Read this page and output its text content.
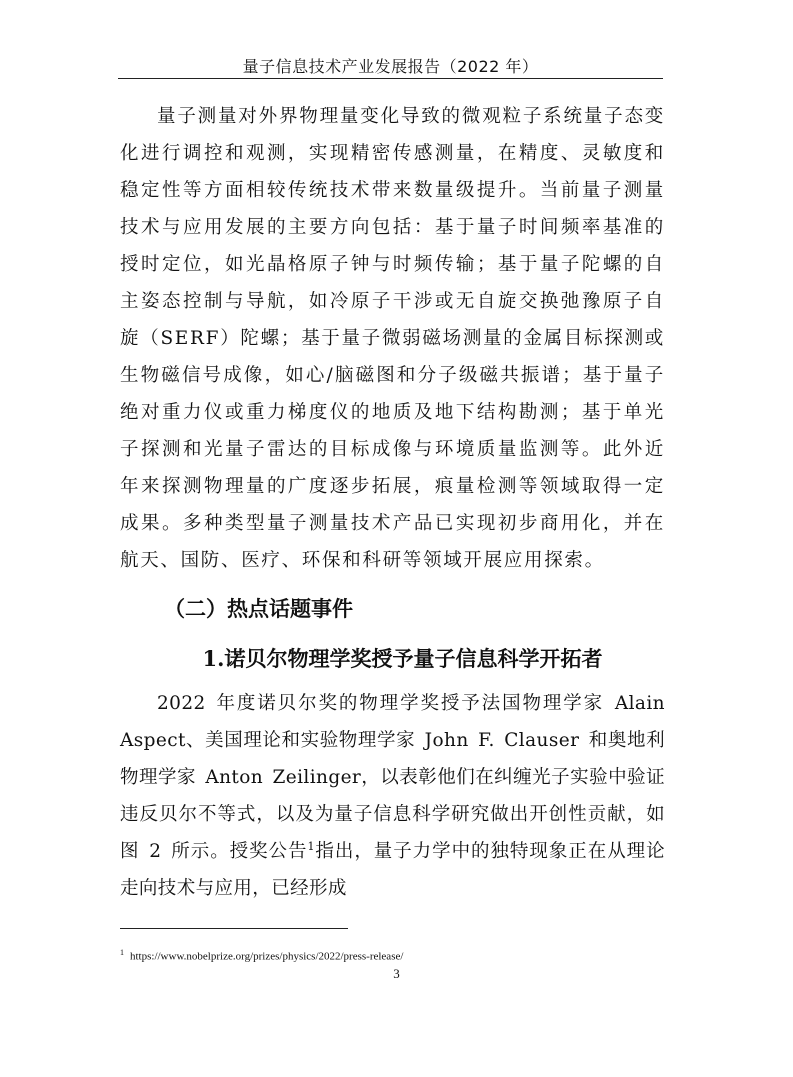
量子信息技术产业发展报告（2022 年）

量子测量对外界物理量变化导致的微观粒子系统量子态变化进行调控和观测，实现精密传感测量，在精度、灵敏度和稳定性等方面相较传统技术带来数量级提升。当前量子测量技术与应用发展的主要方向包括：基于量子时间频率基准的授时定位，如光晶格原子钟与时频传输；基于量子陀螺的自主姿态控制与导航，如冷原子干涉或无自旋交换弛豫原子自旋（SERF）陀螺；基于量子微弱磁场测量的金属目标探测或生物磁信号成像，如心/脑磁图和分子级磁共振谱；基于量子绝对重力仪或重力梯度仪的地质及地下结构勘测；基于单光子探测和光量子雷达的目标成像与环境质量监测等。此外近年来探测物理量的广度逐步拓展，痕量检测等领域取得一定成果。多种类型量子测量技术产品已实现初步商用化，并在航天、国防、医疗、环保和科研等领域开展应用探索。

（二）热点话题事件
1.诺贝尔物理学奖授予量子信息科学开拓者

2022 年度诺贝尔奖的物理学奖授予法国物理学家 Alain Aspect、美国理论和实验物理学家 John F. Clauser 和奥地利物理学家 Anton Zeilinger，以表彰他们在纠缠光子实验中验证违反贝尔不等式，以及为量子信息科学研究做出开创性贡献，如图 2 所示。授奖公告$^1$指出，量子力学中的独特现象正在从理论走向技术与应用，已经形成

$^1$ https://www.nobelprize.org/prizes/physics/2022/press-release/
3
